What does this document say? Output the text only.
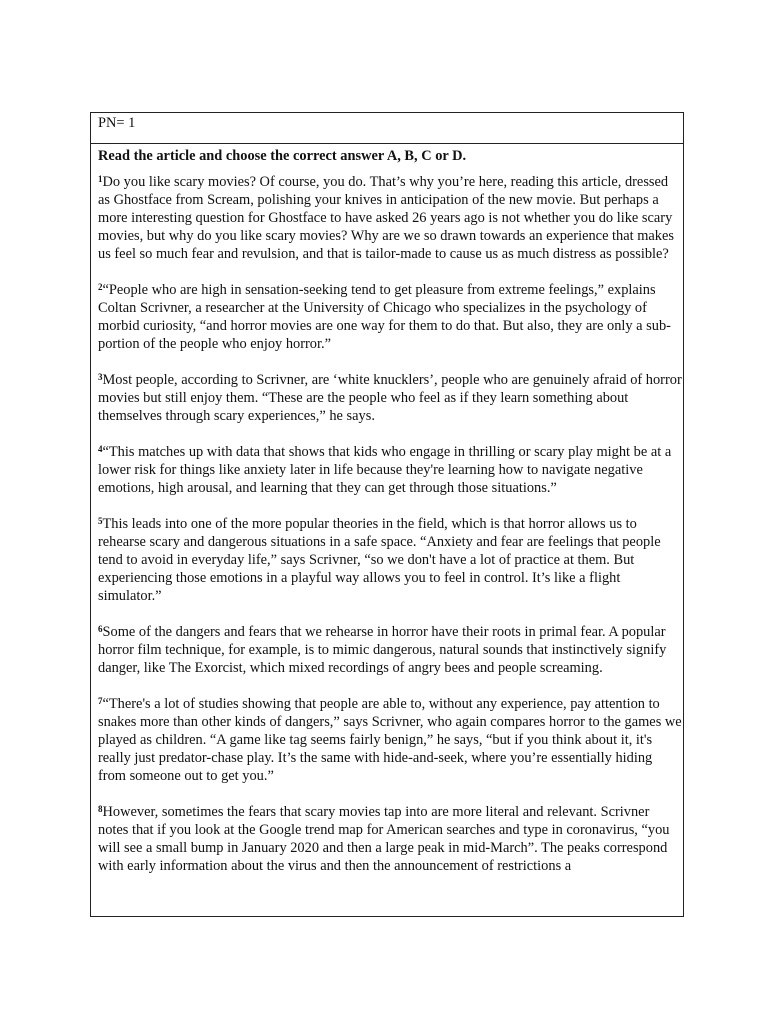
PN= 1

Read the article and choose the correct answer A, B, C or D.

$^1$Do you like scary movies? Of course, you do. That’s why you’re here, reading this article, dressed as Ghostface from Scream, polishing your knives in anticipation of the new movie. But perhaps a more interesting question for Ghostface to have asked 26 years ago is not whether you do like scary movies, but why do you like scary movies? Why are we so drawn towards an experience that makes us feel so much fear and revulsion, and that is tailor-made to cause us as much distress as possible?

$^2$“People who are high in sensation-seeking tend to get pleasure from extreme feelings,” explains Coltan Scrivner, a researcher at the University of Chicago who specializes in the psychology of morbid curiosity, “and horror movies are one way for them to do that. But also, they are only a sub-portion of the people who enjoy horror.”

$^3$Most people, according to Scrivner, are ‘white knucklers’, people who are genuinely afraid of horror movies but still enjoy them. “These are the people who feel as if they learn something about themselves through scary experiences,” he says.

$^4$“This matches up with data that shows that kids who engage in thrilling or scary play might be at a lower risk for things like anxiety later in life because they're learning how to navigate negative emotions, high arousal, and learning that they can get through those situations.”

$^5$This leads into one of the more popular theories in the field, which is that horror allows us to rehearse scary and dangerous situations in a safe space. “Anxiety and fear are feelings that people tend to avoid in everyday life,” says Scrivner, “so we don't have a lot of practice at them. But experiencing those emotions in a playful way allows you to feel in control. It’s like a flight simulator.”

$^6$Some of the dangers and fears that we rehearse in horror have their roots in primal fear. A popular horror film technique, for example, is to mimic dangerous, natural sounds that instinctively signify danger, like The Exorcist, which mixed recordings of angry bees and people screaming.

$^7$“There's a lot of studies showing that people are able to, without any experience, pay attention to snakes more than other kinds of dangers,” says Scrivner, who again compares horror to the games we played as children. “A game like tag seems fairly benign,” he says, “but if you think about it, it's really just predator-chase play. It’s the same with hide-and-seek, where you’re essentially hiding from someone out to get you.”

$^8$However, sometimes the fears that scary movies tap into are more literal and relevant. Scrivner notes that if you look at the Google trend map for American searches and type in coronavirus, “you will see a small bump in January 2020 and then a large peak in mid-March”. The peaks correspond with early information about the virus and then the announcement of restrictions a
